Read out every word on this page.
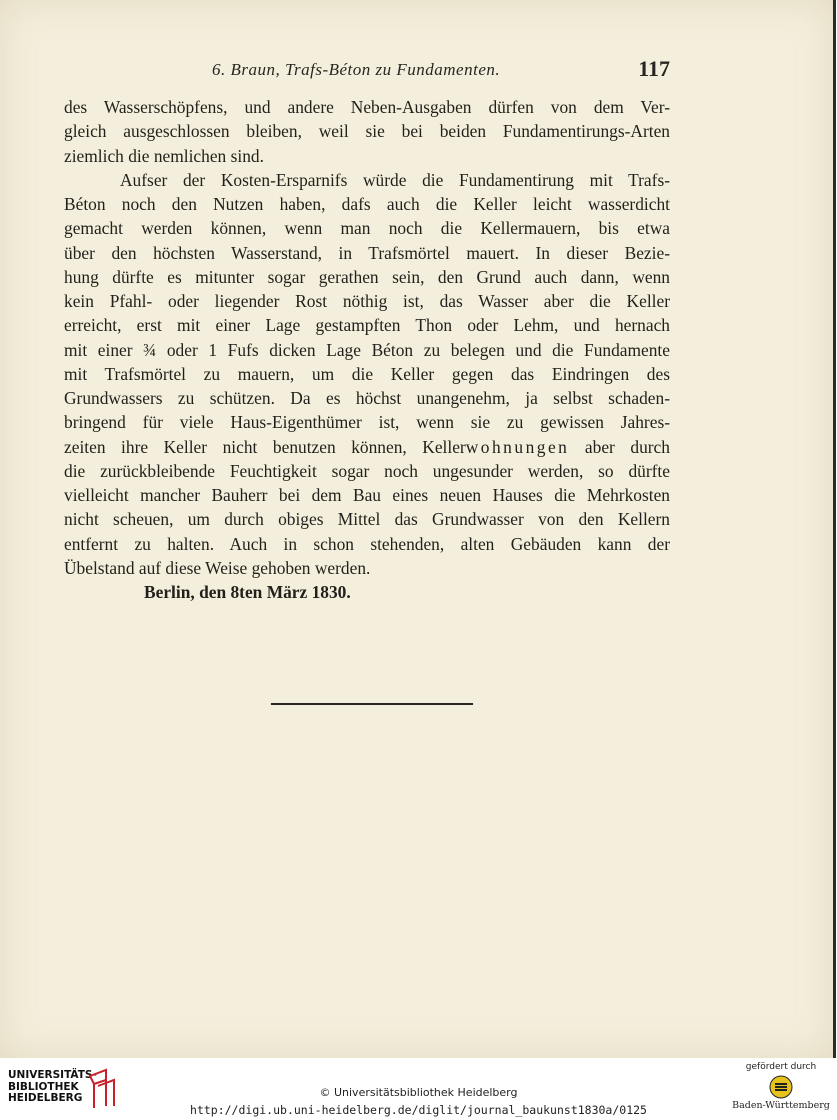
6. Braun, Trafs-Béton zu Fundamenten.	117

des Wasserschöpfens, und andere Neben-Ausgaben dürfen von dem Ver-
gleich ausgeschlossen bleiben, weil sie bei beiden Fundamentirungs-Arten
ziemlich die nemlichen sind.

Aufser der Kosten-Ersparnifs würde die Fundamentirung mit Trafs-
Béton noch den Nutzen haben, dafs auch die Keller leicht wasserdicht
gemacht werden können, wenn man noch die Kellermauern, bis etwa
über den höchsten Wasserstand, in Trafsmörtel mauert. In dieser Bezie-
hung dürfte es mitunter sogar gerathen sein, den Grund auch dann, wenn
kein Pfahl- oder liegender Rost nöthig ist, das Wasser aber die Keller
erreicht, erst mit einer Lage gestampften Thon oder Lehm, und hernach
mit einer ¾ oder 1 Fufs dicken Lage Béton zu belegen und die Fundamente
mit Trafsmörtel zu mauern, um die Keller gegen das Eindringen des
Grundwassers zu schützen. Da es höchst unangenehm, ja selbst schaden-
bringend für viele Haus-Eigenthümer ist, wenn sie zu gewissen Jahres-
zeiten ihre Keller nicht benutzen können, Kellerwohnungen aber durch
die zurückbleibende Feuchtigkeit sogar noch ungesunder werden, so dürfte
vielleicht mancher Bauherr bei dem Bau eines neuen Hauses die Mehrkosten
nicht scheuen, um durch obiges Mittel das Grundwasser von den Kellern
entfernt zu halten. Auch in schon stehenden, alten Gebäuden kann der
Übelstand auf diese Weise gehoben werden.

Berlin, den 8ten März 1830.

UNIVERSITÄTS-
BIBLIOTHEK
HEIDELBERG	© Universitätsbibliothek Heidelberg
http://digi.ub.uni-heidelberg.de/diglit/journal_baukunst1830a/0125
gefördert durch
Baden-Württemberg
